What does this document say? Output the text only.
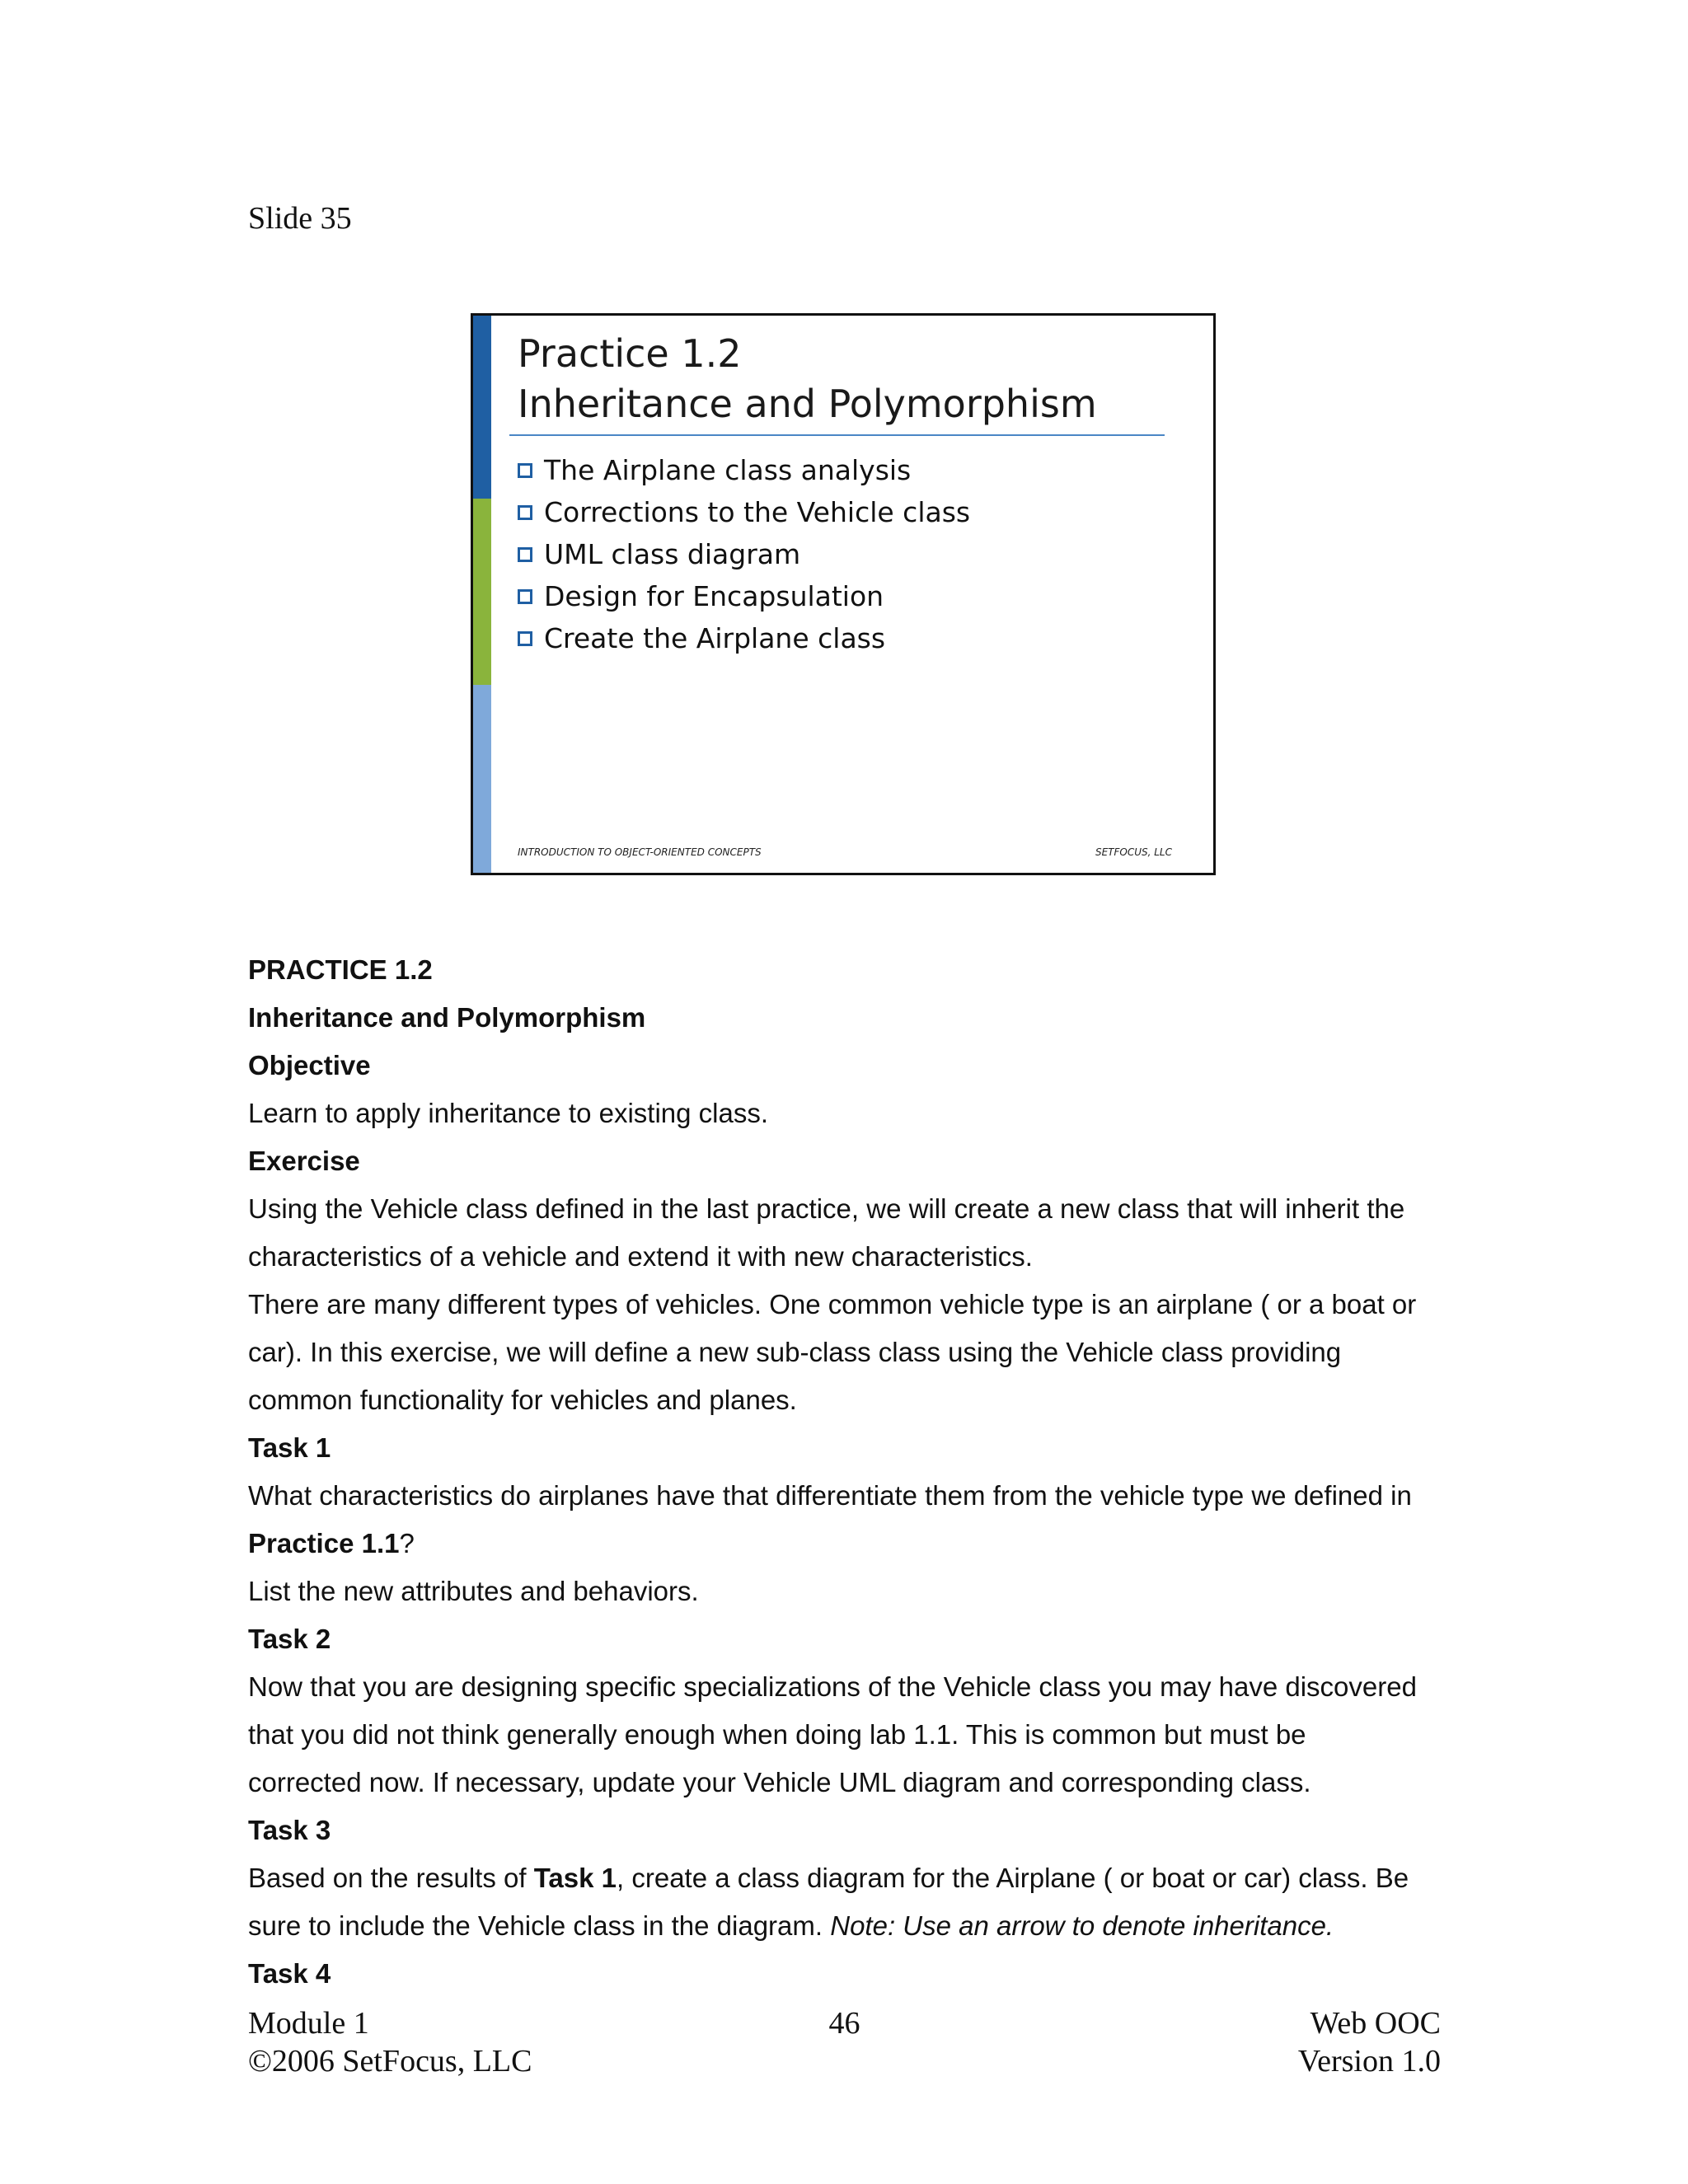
Slide 35

Practice 1.2
Inheritance and Polymorphism
The Airplane class analysis
Corrections to the Vehicle class
UML class diagram
Design for Encapsulation
Create the Airplane class
INTRODUCTION TO OBJECT-ORIENTED CONCEPTS	SETFOCUS, LLC

PRACTICE 1.2

Inheritance and Polymorphism

Objective

Learn to apply inheritance to existing class.

Exercise

Using the Vehicle class defined in the last practice, we will create a new class that will inherit the

characteristics of a vehicle and extend it with new characteristics.

There are many different types of vehicles. One common vehicle type is an airplane ( or a boat or

car). In this exercise, we will define a new sub-class class using the Vehicle class providing

common functionality for vehicles and planes.

Task 1

What characteristics do airplanes have that differentiate them from the vehicle type we defined in

Practice 1.1?

List the new attributes and behaviors.

Task 2

Now that you are designing specific specializations of the Vehicle class you may have discovered

that you did not think generally enough when doing lab 1.1. This is common but must be

corrected now. If necessary, update your Vehicle UML diagram and corresponding class.

Task 3

Based on the results of Task 1, create a class diagram for the Airplane ( or boat or car) class. Be

sure to include the Vehicle class in the diagram. Note: Use an arrow to denote inheritance.

Task 4

Module 1
©2006 SetFocus, LLC
46	Web OOC
Version 1.0
